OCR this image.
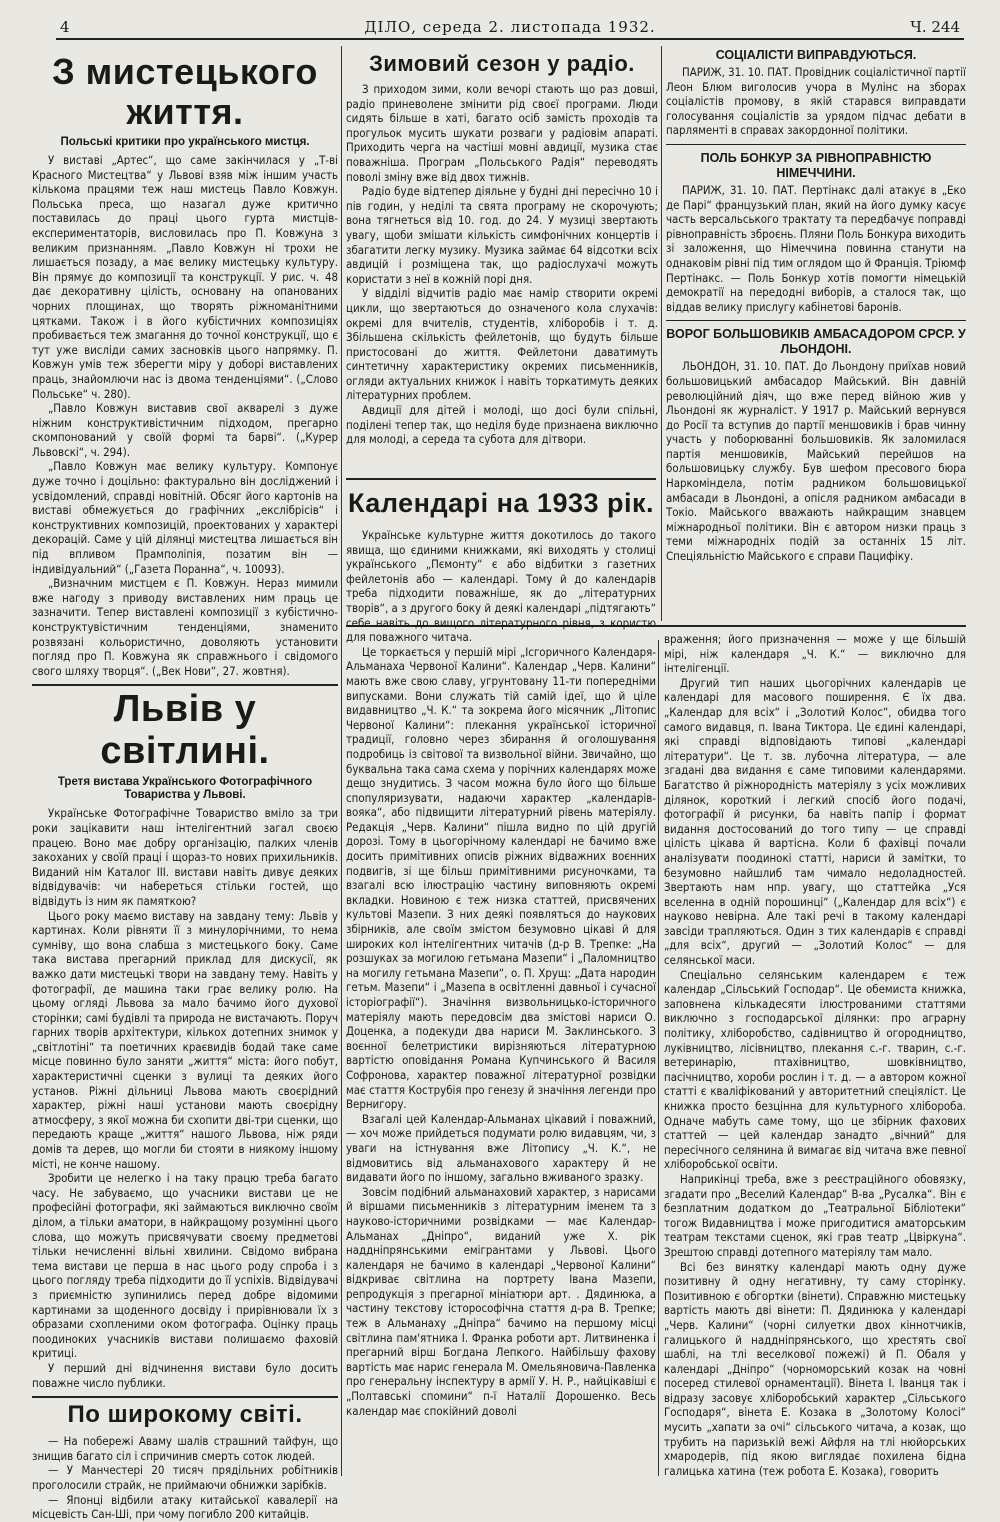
4	ДІЛО, середа 2. листопада 1932.	Ч. 244
З мистецького життя.
Польські критики про українського мистця.

У виставі „Артес“, що саме закінчилася у „Т-ві Красного Мистецтва“ у Львові взяв між іншим участь кількома працями теж наш мистець Павло Ковжун. Польська преса, що назагал дуже критично поставилась до праці цього гурта мистців-експериментаторів, висловилась про П. Ковжуна з великим признанням. „Павло Ковжун ні трохи не лишається позаду, а має велику мистецьку культуру. Він прямує до композиції та конструкції. У рис. ч. 48 дає декоративну цілість, основану на опанованих чорних площинах, що творять ріжноманітними цятками. Також і в його кубістичних композиціях пробивається теж змагання до точної конструкції, що є тут уже висліди самих засновків цього напрямку. П. Ковжун умів теж зберегти міру у доборі виставлених праць, знайомлючи нас із двома тенденціями“. („Слово Польське“ ч. 280).

„Павло Ковжун виставив свої акварелі з дуже ніжним конструктивістичним підходом, прегарно скомпонований у своїй формі та барві“. („Курер Львовскі“, ч. 294).

„Павло Ковжун має велику культуру. Компонує дуже точно і доцільно: фактурально він досліджений і усвідомлений, справді новітній. Обсяг його картонів на виставі обмежується до графічних „екслібрісів“ і конструктивних композицій, проектованих у характері декорацій. Саме у цій ділянці мистецтва лишається він під впливом Прамполіпія, позатим він — індивідуальний“ („Газета Поранна“, ч. 10093).

„Визначним мистцем є П. Ковжун. Нераз мимили вже нагоду з приводу виставлених ним праць це зазначити. Тепер виставлені композиції з кубістично-конструктувістичним тенденціями, знаменито розвязані кольористично, доволяють установити погляд про П. Ковжуна як справжнього і свідомого свого шляху творця“. („Век Нови“, 27. жовтня).

Львів у світлині.
Третя вистава Українського Фотографічного Товариства у Львові.

Українське Фотографічне Товариство вміло за три роки зацікавити наш інтелігентний загал своєю працею. Воно має добру організацію, палких членів закоханих у своїй праці і щораз-то нових прихильників. Виданий нім Каталог III. вистави навіть дивує деяких відвідувачів: чи набереться стільки гостей, що відвідуть із ним як памяткою?

Цього року маємо виставу на завдану тему: Львів у картинах. Коли рівняти її з минулорічними, то нема сумніву, що вона слабша з мистецького боку. Саме така вистава прегарний приклад для дискусії, як важко дати мистецькі твори на завдану тему. Навіть у фотографії, де машина таки грає велику ролю. На цьому огляді Львова за мало бачимо його духової сторінки; самі будівлі та природа не вистачають. Поруч гарних творів архітектури, кількох дотепних знимок у „світлотіні“ та поетичних краєвидів бодай таке саме місце повинно було заняти „життя“ міста: його побут, характеристичні сценки з вулиці та деяких його установ. Ріжні дільниці Львова мають своєрідний характер, ріжні наші установи мають своєрідну атмосферу, з якої можна би схопити дві-три сценки, що передають краще „життя“ нашого Львова, ніж ряди домів та дерев, що могли би стояти в ниякому іншому місті, не конче нашому.

Зробити це нелегко і на таку працю треба багато часу. Не забуваємо, що учасники вистави це не професійні фотографи, які займаються виключно своїм ділом, а тільки аматори, в найкращому розумінні цього слова, що можуть присвячувати своєму предметові тільки нечисленні вільні хвилини. Свідомо вибрана тема вистави це перша в нас цього роду спроба і з цього погляду треба підходити до її успіхів. Відвідувачі з приємністю зупинились перед добре відомими картинами за щоденного досвіду і прирівнювали їх з образами схопленими оком фотографа. Оцінку праць поодиноких учасників вистави полишаємо фаховій критиці.

У перший дні відчинення вистави було досить поважне число публики.

По широкому світі.

— На побережі Аваму шалів страшний тайфун, що знищив багато сіл і спричинив смерть соток людей.

— У Манчестері 20 тисяч прядільних робітників проголосили страйк, не приймаючи обнижки зарібків.

— Японці відбили атаку китайської кавалерії на місцевість Сан-Ші, при чому погибло 200 китайців.

Зимовий сезон у радіо.

З приходом зими, коли вечорі стають що раз довші, радіо приневолене змінити рід своєї програми. Люди сидять більше в хаті, багато осіб замість проходів та прогульок мусить шукати розваги у радіовім апараті. Приходить черга на частіші мовні авдиції, музика стає поважніша. Програм „Польського Радія“ переводять поволі зміну вже від двох тижнів.

Радіо буде відтепер діяльне у будні дні пересічно 10 і пів годин, у неділі та свята програму не скорочують; вона тягнеться від 10. год. до 24. У музиці звертають увагу, щоби змішати кількість симфонічних концертів і збагатити легку музику. Музика займає 64 відсотки всіх авдицій і розміщена так, що радіослухачі можуть користати з неї в кожній порі дня.

У відділі відчитів радіо має намір створити окремі цикли, що звертаються до означеного кола слухачів: окремі для вчителів, студентів, хліборобів і т. д. Збільшена скількість фейлетонів, що будуть більше пристосовані до життя. Фейлетони даватимуть синтетичну характеристику окремих письменників, огляди актуальних книжок і навіть торкатимуть деяких літературних проблем.

Авдиції для дітей і молоді, що досі були спільні, поділені тепер так, що неділя буде признаена виключно для молоді, а середа та субота для дітвори.

Календарі на 1933 рік.

Українське культурне життя докотилось до такого явища, що єдиними книжками, які виходять у столиці українського „Пємонту“ є або відбитки з газетних фейлетонів або — календарі. Тому й до календарів треба підходити поважніше, як до „літературних творів“, а з другого боку й деякі календарі „підтягають“ себе навіть до вищого літературного рівня, з користю для поважного читача.

Це торкається у першій мірі „Ісгоричного Календаря-Альманаха Червоної Калини“. Календар „Черв. Калини“ мають вже свою славу, угрунтовану 11-ти попередніми випусками. Вони служать тій самій ідеї, що й ціле видавництво „Ч. К.“ та зокрема його місячник „Літопис Червоної Калини“: плекання української історичної традиції, головно через збирання й оголошування подробиць із світової та визвольної війни. Звичайно, що буквальна така сама схема у порічних календарях може дещо знудитись. З часом можна було його що більше спопуляризувати, надаючи характер „календарів-вояка“, або підвищити літературний рівень матеріялу. Редакція „Черв. Калини“ пішла видно по цій другій дорозі. Тому в цьогорічному календарі не бачимо вже досить примітивних описів ріжних відважних воєнних подвигів, зі ще більш примітивними рисуночками, та взагалі всю ілюстрацію частину виповняють окремі вкладки. Новиною є теж низка статтей, присвячених культові Мазепи. З них деякі появляться до наукових збірників, але своїм змістом безумовно цікаві й для широких кол інтелігентних читачів (д-р В. Трепке: „На розшуках за могилою гетьмана Мазепи“ і „Паломництво на могилу гетьмана Мазепи“, о. П. Хрущ: „Дата народин гетьм. Мазепи“ і „Мазепа в освітленні давньої і сучасної історіографії“). Значіння визвольницько-історичного матеріялу мають передовсім два змістові нариси О. Доценка, а подекуди два нариси М. Заклинського. З воєнної белетристики вирізняються літературною вартістю оповідання Романа Купчинського й Василя Софронова, характер поважної літературної розвідки має стаття Кострубія про генезу й значіння легенди про Вернигору.

Взагалі цей Календар-Альманах цікавий і поважний, — хоч може прийдеться подумати ролю видавцям, чи, з уваги на істнування вже Літопису „Ч. К.“, не відмовитись від альманахового характеру й не видавати його по іншому, загально вживаного зразку.

Зовсім подібний альманаховий характер, з нарисами й віршами письменників з літературним іменем та з науково-історичними розвідками — має Календар-Альманах „Дніпро“, виданий уже X. рік наддніпрянськими емігрантами у Львові. Цього календаря не бачимо в календарі „Червоної Калини“ відкриває світлина на портрету Івана Мазепи, репродукція з прегарної мініатюри арт. . Дядинюка, а частину текстову історософічна стаття д-ра В. Трепке; теж в Альманаху „Дніпра“ бачимо на першому місці світлина пам'ятника І. Франка роботи арт. Литвиненка і прегарний вірш Богдана Лепкого. Найбільшу фахову вартість має нарис генерала М. Омельяновича-Павленка про генеральну інспектуру в армії У. Н. Р., найцікавіші є „Полтавські спомини“ п-ї Наталії Дорошенко. Весь календар має спокійний доволі

СОЦІАЛІСТИ ВИПРАВДУЮТЬСЯ.

ПАРИЖ, 31. 10. ПАТ. Провідник соціалістичної партії Леон Блюм виголосив учора в Мулінс на зборах соціалістів промову, в якій старався виправдати голосування соціалістів за урядом підчас дебати в парляменті в справах закордонної політики.

ПОЛЬ БОНКУР ЗА РІВНОПРАВНІСТЮ НІМЕЧЧИНИ.

ПАРИЖ, 31. 10. ПАТ. Пертінакс далі атакує в „Еко де Парі“ французький план, який на його думку касує часть версальського трактату та передбачує поправді рівноправність зброєнь. Пляни Поль Бонкура виходить зі заложення, що Німеччина повинна станути на однаковім рівні під тим оглядом що й Франція. Тріюмф Пертінакс. — Поль Бонкур хотів помогти німецькій демократії на передодні виборів, а сталося так, що віддав велику прислугу кабінетові баронів.

ВОРОГ БОЛЬШОВИКІВ АМБАСАДОРОМ СРСР. У ЛЬОНДОНІ.

ЛЬОНДОН, 31. 10. ПАТ. До Льондону приїхав новий большовицький амбасадор Майський. Він давній революційний діяч, що вже перед війною жив у Льондоні як журналіст. У 1917 р. Майський вернувся до Росії та вступив до партії меншовиків і брав чинну участь у поборюванні большовиків. Як заломилася партія меншовиків, Майський перейшов на большовицьку службу. Був шефом пресового бюра Наркоміндела, потім радником большовицької амбасади в Льондоні, а опісля радником амбасади в Токіо. Майського вважають найкращим знавцем міжнародньої політики. Він є автором низки праць з теми міжнародніх подій за останніх 15 літ. Спеціяльністю Майського є справи Пацифіку.

враження; його призначення — може у ще більшій мірі, ніж календаря „Ч. К.“ — виключно для інтелігенції.

Другий тип наших цьогорічних календарів це календарі для масового поширення. Є їх два. „Календар для всіх“ і „Золотий Колос“, обидва того самого видавця, п. Івана Тиктора. Це єдині календарі, які справді відповідають типові „календарі літератури“. Це т. зв. лубочна література, — але згадані два видання є саме типовими календарями. Багатство й ріжнородність матеріялу з усіх можливих ділянок, короткий і легкий спосіб його подачі, фотографії й рисунки, ба навіть папір і формат видання достосований до того типу — це справді цілість цікава й вартісна. Коли б фахівці почали аналізувати поодинокі статті, нариси й замітки, то безумовно найшлиб там чимало недоладностей. Звертають нам нпр. увагу, що статтейка „Уся вселенна в одній порошинці“ („Календар для всіх“) є науково невірна. Але такі речі в такому календарі завсіди трапляються. Один з тих календарів є справді „для всіх“, другий — „Золотий Колос“ — для селянської маси.

Спеціально селянським календарем є теж календар „Сільський Господар“. Це обемиста книжка, заповнена кількадесяти ілюстрованими статтями виключно з господарської ділянки: про аграрну політику, хліборобство, садівництво й огородництво, луківництво, лісівництво, плекання с.-г. тварин, с.-г. ветеринарію, птахівництво, шовківництво, пасічництво, хороби рослин і т. д. — а автором кожної статті є кваліфікований у авторитетний спеціяліст. Це книжка просто безцінна для культурного хлібороба. Одначе мабуть саме тому, що це збірник фахових статтей — цей календар занадто „вічний“ для пересічного селянина й вимагає від читача вже певної хліборобської освіти.

Наприкінці треба, вже з реєстраційного обовязку, згадати про „Веселий Календар“ В-ва „Русалка“. Він є безплатним додатком до „Театральної Бібліотеки“ тогож Видавництва і може пригодитися аматорським театрам текстами сценок, які грав театр „Цвіркуна“. Зрештою справді дотепного матеріялу там мало.

Всі без винятку календарі мають одну дуже позитивну й одну негативну, ту саму сторінку. Позитивною є обгортки (вінети). Справжню мистецьку вартість мають дві вінети: П. Дядинюка у календарі „Черв. Калини“ (чорні силуетки двох кіннотчиків, галицького й наддніпрянського, що хрестять свої шаблі, на тлі веселкової пожежі) й П. Обаля у календарі „Дніпро“ (чорноморський козак на човні посеред стилевої орнаментації). Вінета І. Іванця так і відразу засовує хліборобський характер „Сільського Господаря“, вінета Е. Козака в „Золотому Колосі“ мусить „хапати за очі“ сільського читача, а козак, що трубить на паризькій вежі Айфля на тлі нюйорських хмародерів, під якою виглядає похилена бідна галицька хатина (теж робота Е. Козака), говорить
